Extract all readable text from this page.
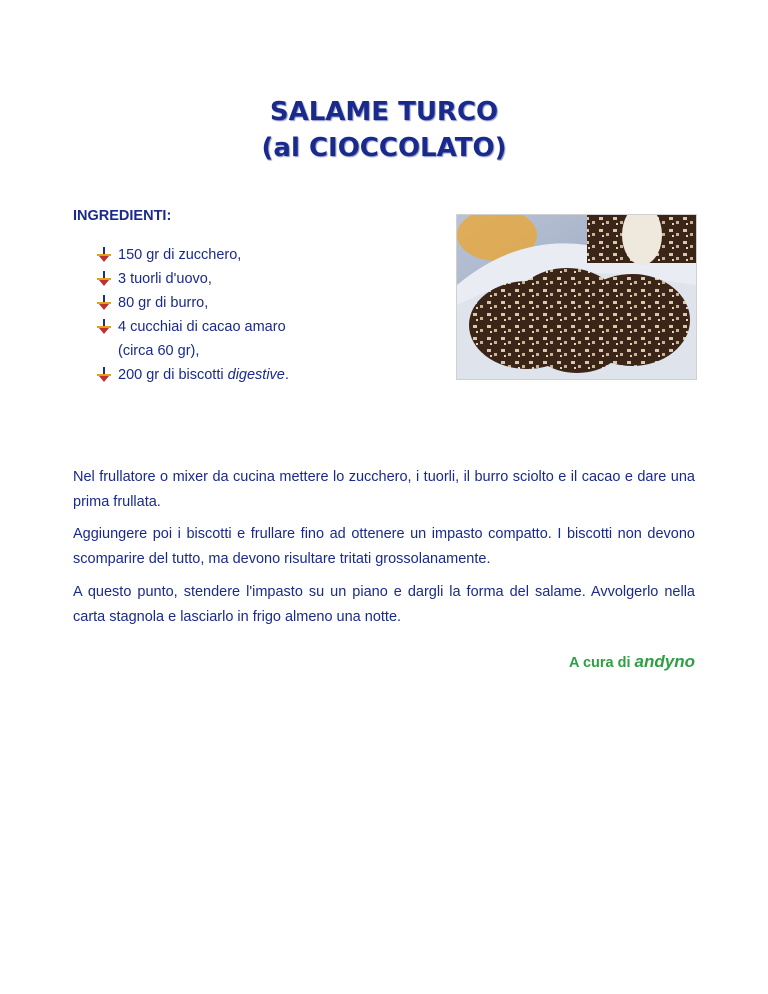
SALAME TURCO
(al CIOCCOLATO)
INGREDIENTI:
150 gr di zucchero,
3 tuorli d'uovo,
80 gr di burro,
4 cucchiai di cacao amaro
(circa 60 gr),
200 gr di biscotti digestive.
Nel frullatore o mixer da cucina mettere lo zucchero, i tuorli, il burro sciolto e il cacao e dare una prima frullata.
Aggiungere poi i biscotti e frullare fino ad ottenere un impasto compatto. I biscotti non devono scomparire del tutto, ma devono risultare tritati grossolanamente.
A questo punto, stendere l'impasto su un piano e dargli la forma del salame. Avvolgerlo nella carta stagnola e lasciarlo in frigo almeno una notte.
A cura di andyno
